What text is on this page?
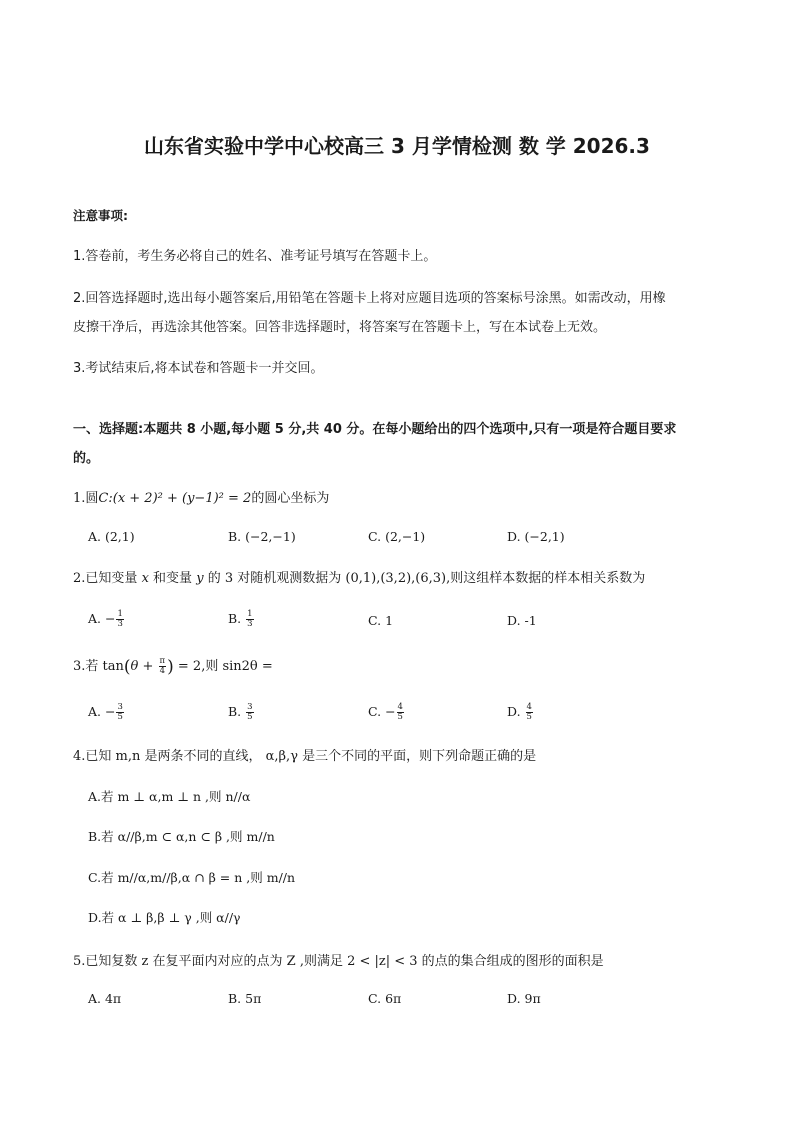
山东省实验中学中心校高三 3 月学情检测 数 学 2026.3
注意事项:
1.答卷前，考生务必将自己的姓名、准考证号填写在答题卡上。
2.回答选择题时,选出每小题答案后,用铅笔在答题卡上将对应题目选项的答案标号涂黑。如需改动，用橡
皮擦干净后，再选涂其他答案。回答非选择题时，将答案写在答题卡上，写在本试卷上无效。
3.考试结束后,将本试卷和答题卡一并交回。
一、选择题:本题共 8 小题,每小题 5 分,共 40 分。在每小题给出的四个选项中,只有一项是符合题目要求
的。
1.圆C:(x + 2)² + (y−1)² = 2的圆心坐标为
A. (2,1)	B. (−2,−1)	C. (2,−1)	D. (−2,1)
2.已知变量 x 和变量 y 的 3 对随机观测数据为 (0,1),(3,2),(6,3),则这组样本数据的样本相关系数为
A. − $\frac{1}{3}$	B. $\frac{1}{3}$	C. 1	D. -1
3.若 $\tan(\theta + \frac{\pi}{4}$ ) = 2,则 sin2θ =
A. − $\frac{3}{5}$	B. $\frac{3}{5}$	C. − $\frac{4}{5}$	D. $\frac{4}{5}$
4.已知 m,n 是两条不同的直线， α,β,γ 是三个不同的平面，则下列命题正确的是
A.若 m ⊥ α,m ⊥ n ,则 n//α
B.若 α//β,m ⊂ α,n ⊂ β ,则 m//n
C.若 m//α,m//β,α ∩ β = n ,则 m//n
D.若 α ⊥ β,β ⊥ γ ,则 α//γ
5.已知复数 z 在复平面内对应的点为 Z ,则满足 2 < |z| < 3 的点的集合组成的图形的面积是
A. 4π	B. 5π	C. 6π	D. 9π
